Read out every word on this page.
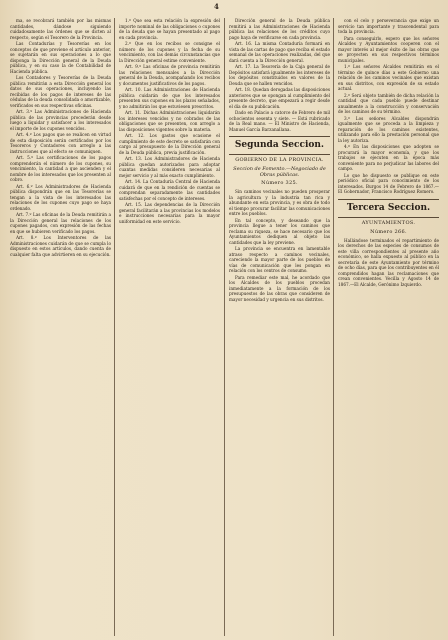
4

ma, se recobrará también por las mismas cantidades, dándose siguiendo cuidadosamente las órdenes que se dicten al respecto, según el Tesorero de la Provincia.

Las Contadurías y Tesorerías en los conceptos de que previene el artículo anterior, se sujetarán en sus operaciones a lo que disponga la Dirección general de la Deuda pública, y en su caso la de Contabilidad de Hacienda pública.

Los Contadores y Tesorerías de la Deuda pública remitirán a esta Dirección general los datos de sus operaciones, incluyendo las recibidas de los pagos de intereses de las cédulas de la deuda consolidada o amortizable, verificados en sus respectivas oficinas.

Art. 3.º Las Administraciones de Hacienda pública de las provincias procederán desde luego a liquidar y satisfacer a los interesados el importe de los cupones vencidos.

Art. 4.º Los pagos que se realicen en virtud de esta disposición serán certificados por los Tesoreros y Contadores con arreglo a las instrucciones que al efecto se comuniquen.

Art. 5.º Las certificaciones de los pagos comprenderán el número de los cupones, su vencimiento, la cantidad a que ascienden y el nombre de los interesados que los presenten al cobro.

Art. 6.º Los Administradores de Hacienda pública dispondrán que en las Tesorerías se tengan a la vista de los interesados las relaciones de los cupones cuyo pago se haya ordenado.

Art. 7.º Las oficinas de la Deuda remitirán a la Dirección general las relaciones de los cupones pagados, con expresión de las fechas en que se hubieren verificado los pagos.

Art. 8.º Los Interventores de las Administraciones cuidarán de que se cumpla lo dispuesto en estos artículos, dando cuenta de cualquier falta que advirtieren en su ejecución.

1.º Que sea esta relación la expresión del importe nominal de las obligaciones o cupones de la deuda que se hayan presentado al pago en cada provincia.

2.º Que en los recibos se consigne el número de los cupones y la fecha de su vencimiento, con las demás circunstancias que la Dirección general estime conveniente.

Art. 9.º Las oficinas de provincia remitirán las relaciones mensuales a la Dirección general de la Deuda, acompañando los recibos y documentos justificativos de los pagos.

Art. 10. Las Administraciones de Hacienda pública cuidarán de que los interesados presenten sus cupones en los plazos señalados, y no admitirán los que estuviesen prescritos.

Art. 11. Dichas Administraciones liquidarán los intereses vencidos y no cobrados de las obligaciones que se presenten, con arreglo a las disposiciones vigentes sobre la materia.

Art. 12. Los gastos que ocasione el cumplimiento de este decreto se satisfarán con cargo al presupuesto de la Dirección general de la Deuda pública, previa justificación.

Art. 13. Los Administradores de Hacienda pública quedan autorizados para adoptar cuantas medidas consideren necesarias al mejor servicio y al más exacto cumplimiento.

Art. 14. La Contaduría Central de Hacienda cuidará de que en la rendición de cuentas se comprendan separadamente las cantidades satisfechas por el concepto de intereses.

Art. 15. Las dependencias de la Dirección general facilitarán a las provincias los modelos e instrucciones necesarias para la mayor uniformidad en este servicio.

Dirección general de la Deuda pública remitirá a las Administraciones de Hacienda pública las relaciones de los créditos cuyo pago haya de verificarse en cada provincia.

Art. 16. La misma Contaduría formará en vista de las cartas de pago que reciba el estado semanal de las operaciones realizadas, del que dará cuenta a la Dirección general.

Art. 17. La Tesorería de la Caja general de Depósitos satisfará igualmente los intereses de los depósitos constituidos en valores de la Deuda que se hallen vencidos.

Art. 18. Quedan derogadas las disposiciones anteriores que se opongan al cumplimiento del presente decreto, que empezará a regir desde el día de su publicación.

Dado en Palacio a catorce de Febrero de mil ochocientos sesenta y siete. — Está rubricado de la Real mano. — El Ministro de Hacienda, Manuel García Barzanallana.

Segunda Seccion.
GOBIERNO DE LA PROVINCIA.
Seccion de Fomento.—Negociado de Obras públicas.
Número 325.

Sin caminos vecinales no pueden prosperar la agricultura y la industria tan rica y abundante en esta provincia, y es obra de todo el tiempo procurar facilitar las comunicaciones entre los pueblos.

En tal concepto, y deseando que la provincia llegue a tener los caminos que reclama su riqueza, se hace necesario que los Ayuntamientos dediquen al objeto las cantidades que la ley previene.

La provincia se encuentra en lamentable atraso respecto a caminos vecinales, careciendo la mayor parte de los pueblos de vías de comunicación que les pongan en relación con los centros de consumo.

Para remediar este mal, he acordado que los Alcaldes de los pueblos procedan inmediatamente a la formación de los presupuestos de las obras que consideren de mayor necesidad y urgencia en sus distritos.

con el celo y perseverancia que exige un servicio tan importante y trascendental para toda la provincia.

Para conseguirlo, espero que los señores Alcaldes y Ayuntamientos cooperen con el mayor interés al mejor éxito de las obras que se proyecten en sus respectivos términos municipales.

1.º Los señores Alcaldes remitirán en el término de quince días a este Gobierno una relación de los caminos vecinales que existan en sus distritos, con expresión de su estado actual.

2.º Será objeto también de dicha relación la cantidad que cada pueblo puede destinar anualmente a la construcción y conservación de los caminos de su término.

3.º Los señores Alcaldes dispondrán igualmente que se proceda a la limpieza y reparación de los caminos existentes, utilizando para ello la prestación personal que la ley autoriza.

4.º En las disposiciones que adopten se procurará la mayor economía, y que los trabajos se ejecuten en la época más conveniente para no perjudicar las labores del campo.

Lo que he dispuesto se publique en este periódico oficial para conocimiento de los interesados. Burgos 14 de Febrero de 1867.—El Gobernador, Francisco Rodríguez Romero.

Tercera Seccion.
AYUNTAMIENTOS.
Número 266.

Hallándose terminados el repartimiento de los derechos de las especies de consumos de este villa correspondientes al presente año económico, se halla expuesto al público en la secretaría de este Ayuntamiento por término de ocho días, para que los contribuyentes en él comprendidos hagan las reclamaciones que crean convenientes. Vecilla y Agosto 14 de 1867.—El Alcalde, Gerónimo Izquierdo.
